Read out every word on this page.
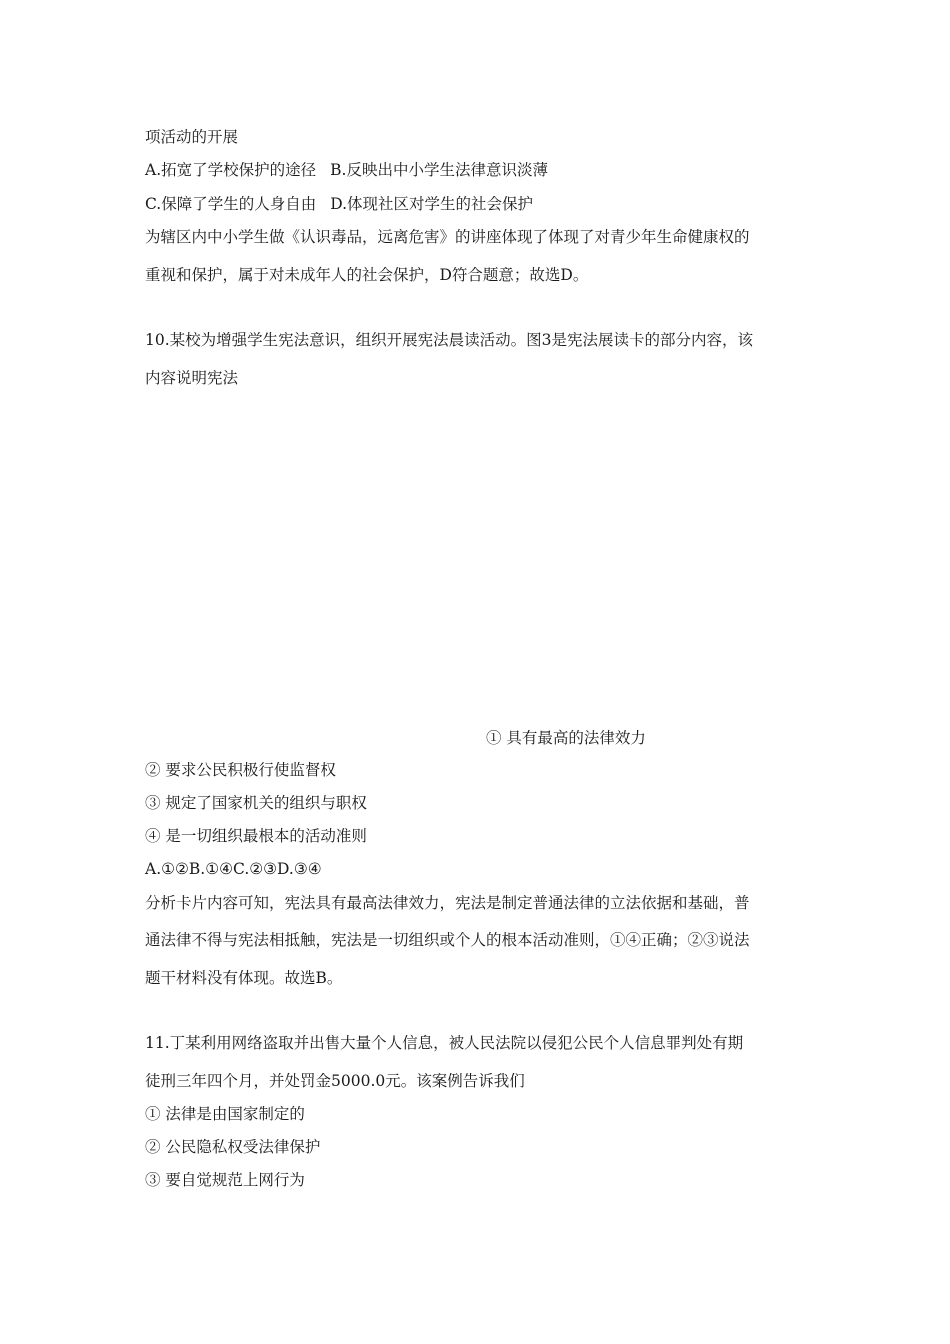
项活动的开展
A.拓宽了学校保护的途径 B.反映出中小学生法律意识淡薄
C.保障了学生的人身自由 D.体现社区对学生的社会保护
为辖区内中小学生做《认识毒品，远离危害》的讲座体现了体现了对青少年生命健康权的
重视和保护，属于对未成年人的社会保护，D符合题意；故选D。
10.某校为增强学生宪法意识，组织开展宪法晨读活动。图3是宪法展读卡的部分内容，该
内容说明宪法
① 具有最高的法律效力
② 要求公民积极行使监督权
③ 规定了国家机关的组织与职权
④ 是一切组织最根本的活动准则
A.①②B.①④C.②③D.③④
分析卡片内容可知，宪法具有最高法律效力，宪法是制定普通法律的立法依据和基础，普
通法律不得与宪法相抵触，宪法是一切组织或个人的根本活动准则，①④正确；②③说法
题干材料没有体现。故选B。
11.丁某利用网络盗取并出售大量个人信息，被人民法院以侵犯公民个人信息罪判处有期
徒刑三年四个月，并处罚金5000.0元。该案例告诉我们
① 法律是由国家制定的
② 公民隐私权受法律保护
③ 要自觉规范上网行为
